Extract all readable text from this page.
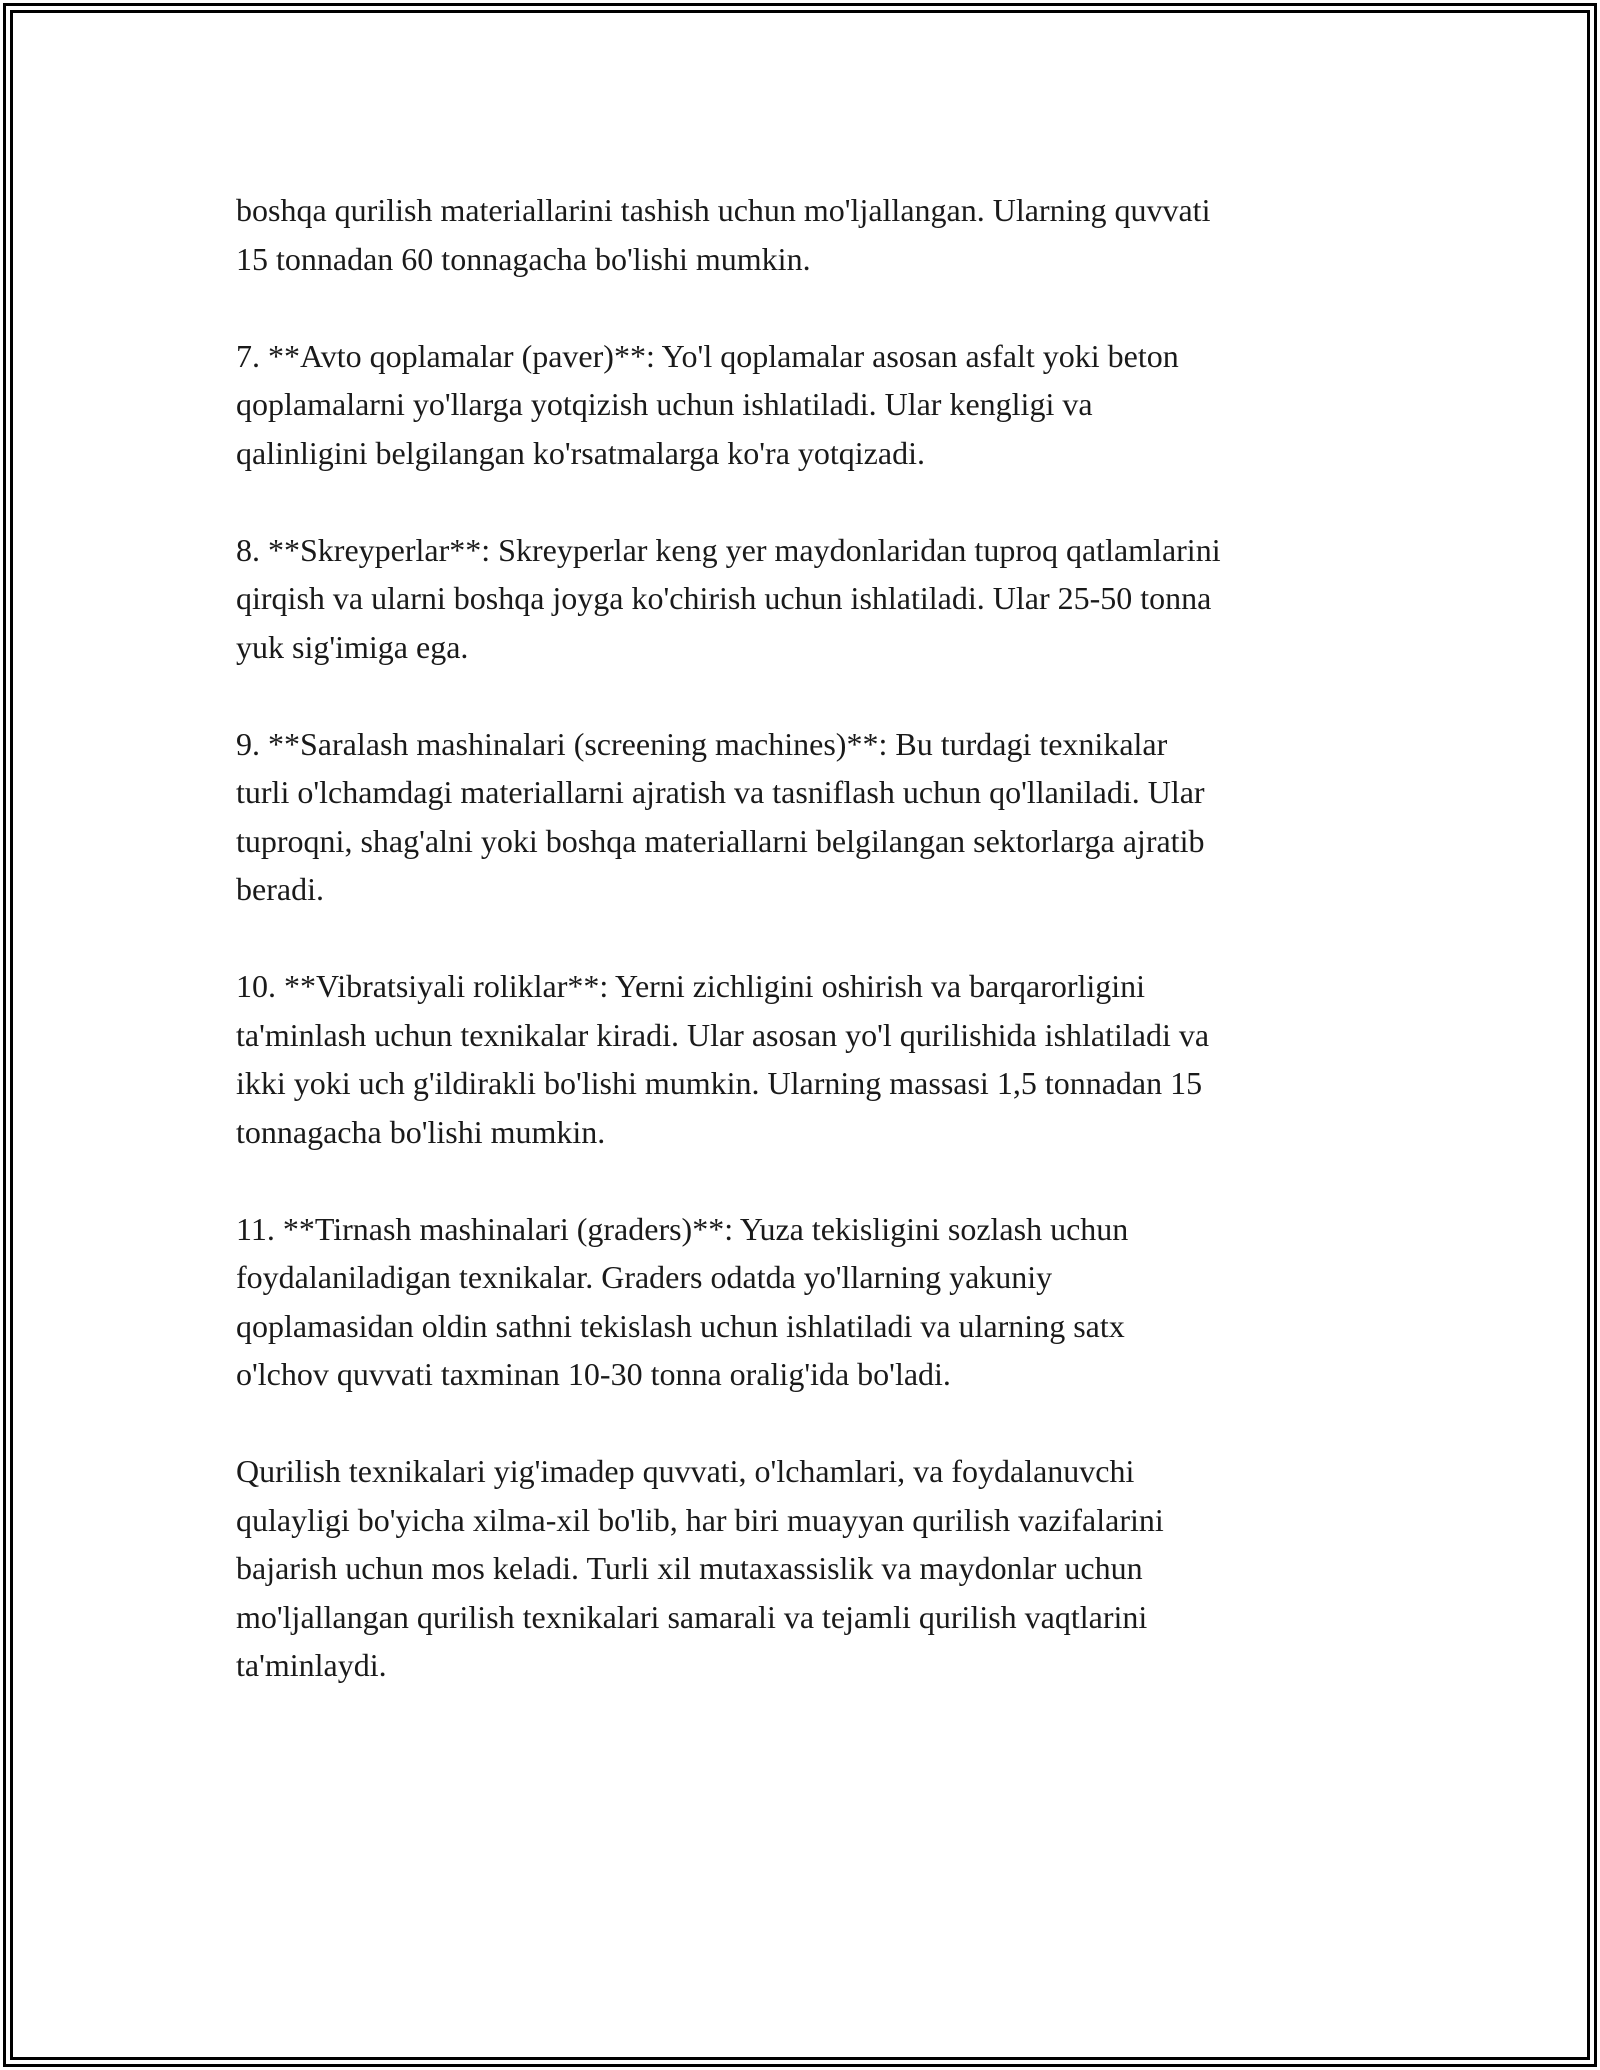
boshqa qurilish materiallarini tashish uchun mo'ljallangan. Ularning quvvati
15 tonnadan 60 tonnagacha bo'lishi mumkin.

7. **Avto qoplamalar (paver)**: Yo'l qoplamalar asosan asfalt yoki beton
qoplamalarni yo'llarga yotqizish uchun ishlatiladi. Ular kengligi va
qalinligini belgilangan ko'rsatmalarga ko'ra yotqizadi.

8. **Skreyperlar**: Skreyperlar keng yer maydonlaridan tuproq qatlamlarini
qirqish va ularni boshqa joyga ko'chirish uchun ishlatiladi. Ular 25-50 tonna
yuk sig'imiga ega.

9. **Saralash mashinalari (screening machines)**: Bu turdagi texnikalar
turli o'lchamdagi materiallarni ajratish va tasniflash uchun qo'llaniladi. Ular
tuproqni, shag'alni yoki boshqa materiallarni belgilangan sektorlarga ajratib
beradi.

10. **Vibratsiyali roliklar**: Yerni zichligini oshirish va barqarorligini
ta'minlash uchun texnikalar kiradi. Ular asosan yo'l qurilishida ishlatiladi va
ikki yoki uch g'ildirakli bo'lishi mumkin. Ularning massasi 1,5 tonnadan 15
tonnagacha bo'lishi mumkin.

11. **Tirnash mashinalari (graders)**: Yuza tekisligini sozlash uchun
foydalaniladigan texnikalar. Graders odatda yo'llarning yakuniy
qoplamasidan oldin sathni tekislash uchun ishlatiladi va ularning satx
o'lchov quvvati taxminan 10-30 tonna oralig'ida bo'ladi.

Qurilish texnikalari yig'imadep quvvati, o'lchamlari, va foydalanuvchi
qulayligi bo'yicha xilma-xil bo'lib, har biri muayyan qurilish vazifalarini
bajarish uchun mos keladi. Turli xil mutaxassislik va maydonlar uchun
mo'ljallangan qurilish texnikalari samarali va tejamli qurilish vaqtlarini
ta'minlaydi.
